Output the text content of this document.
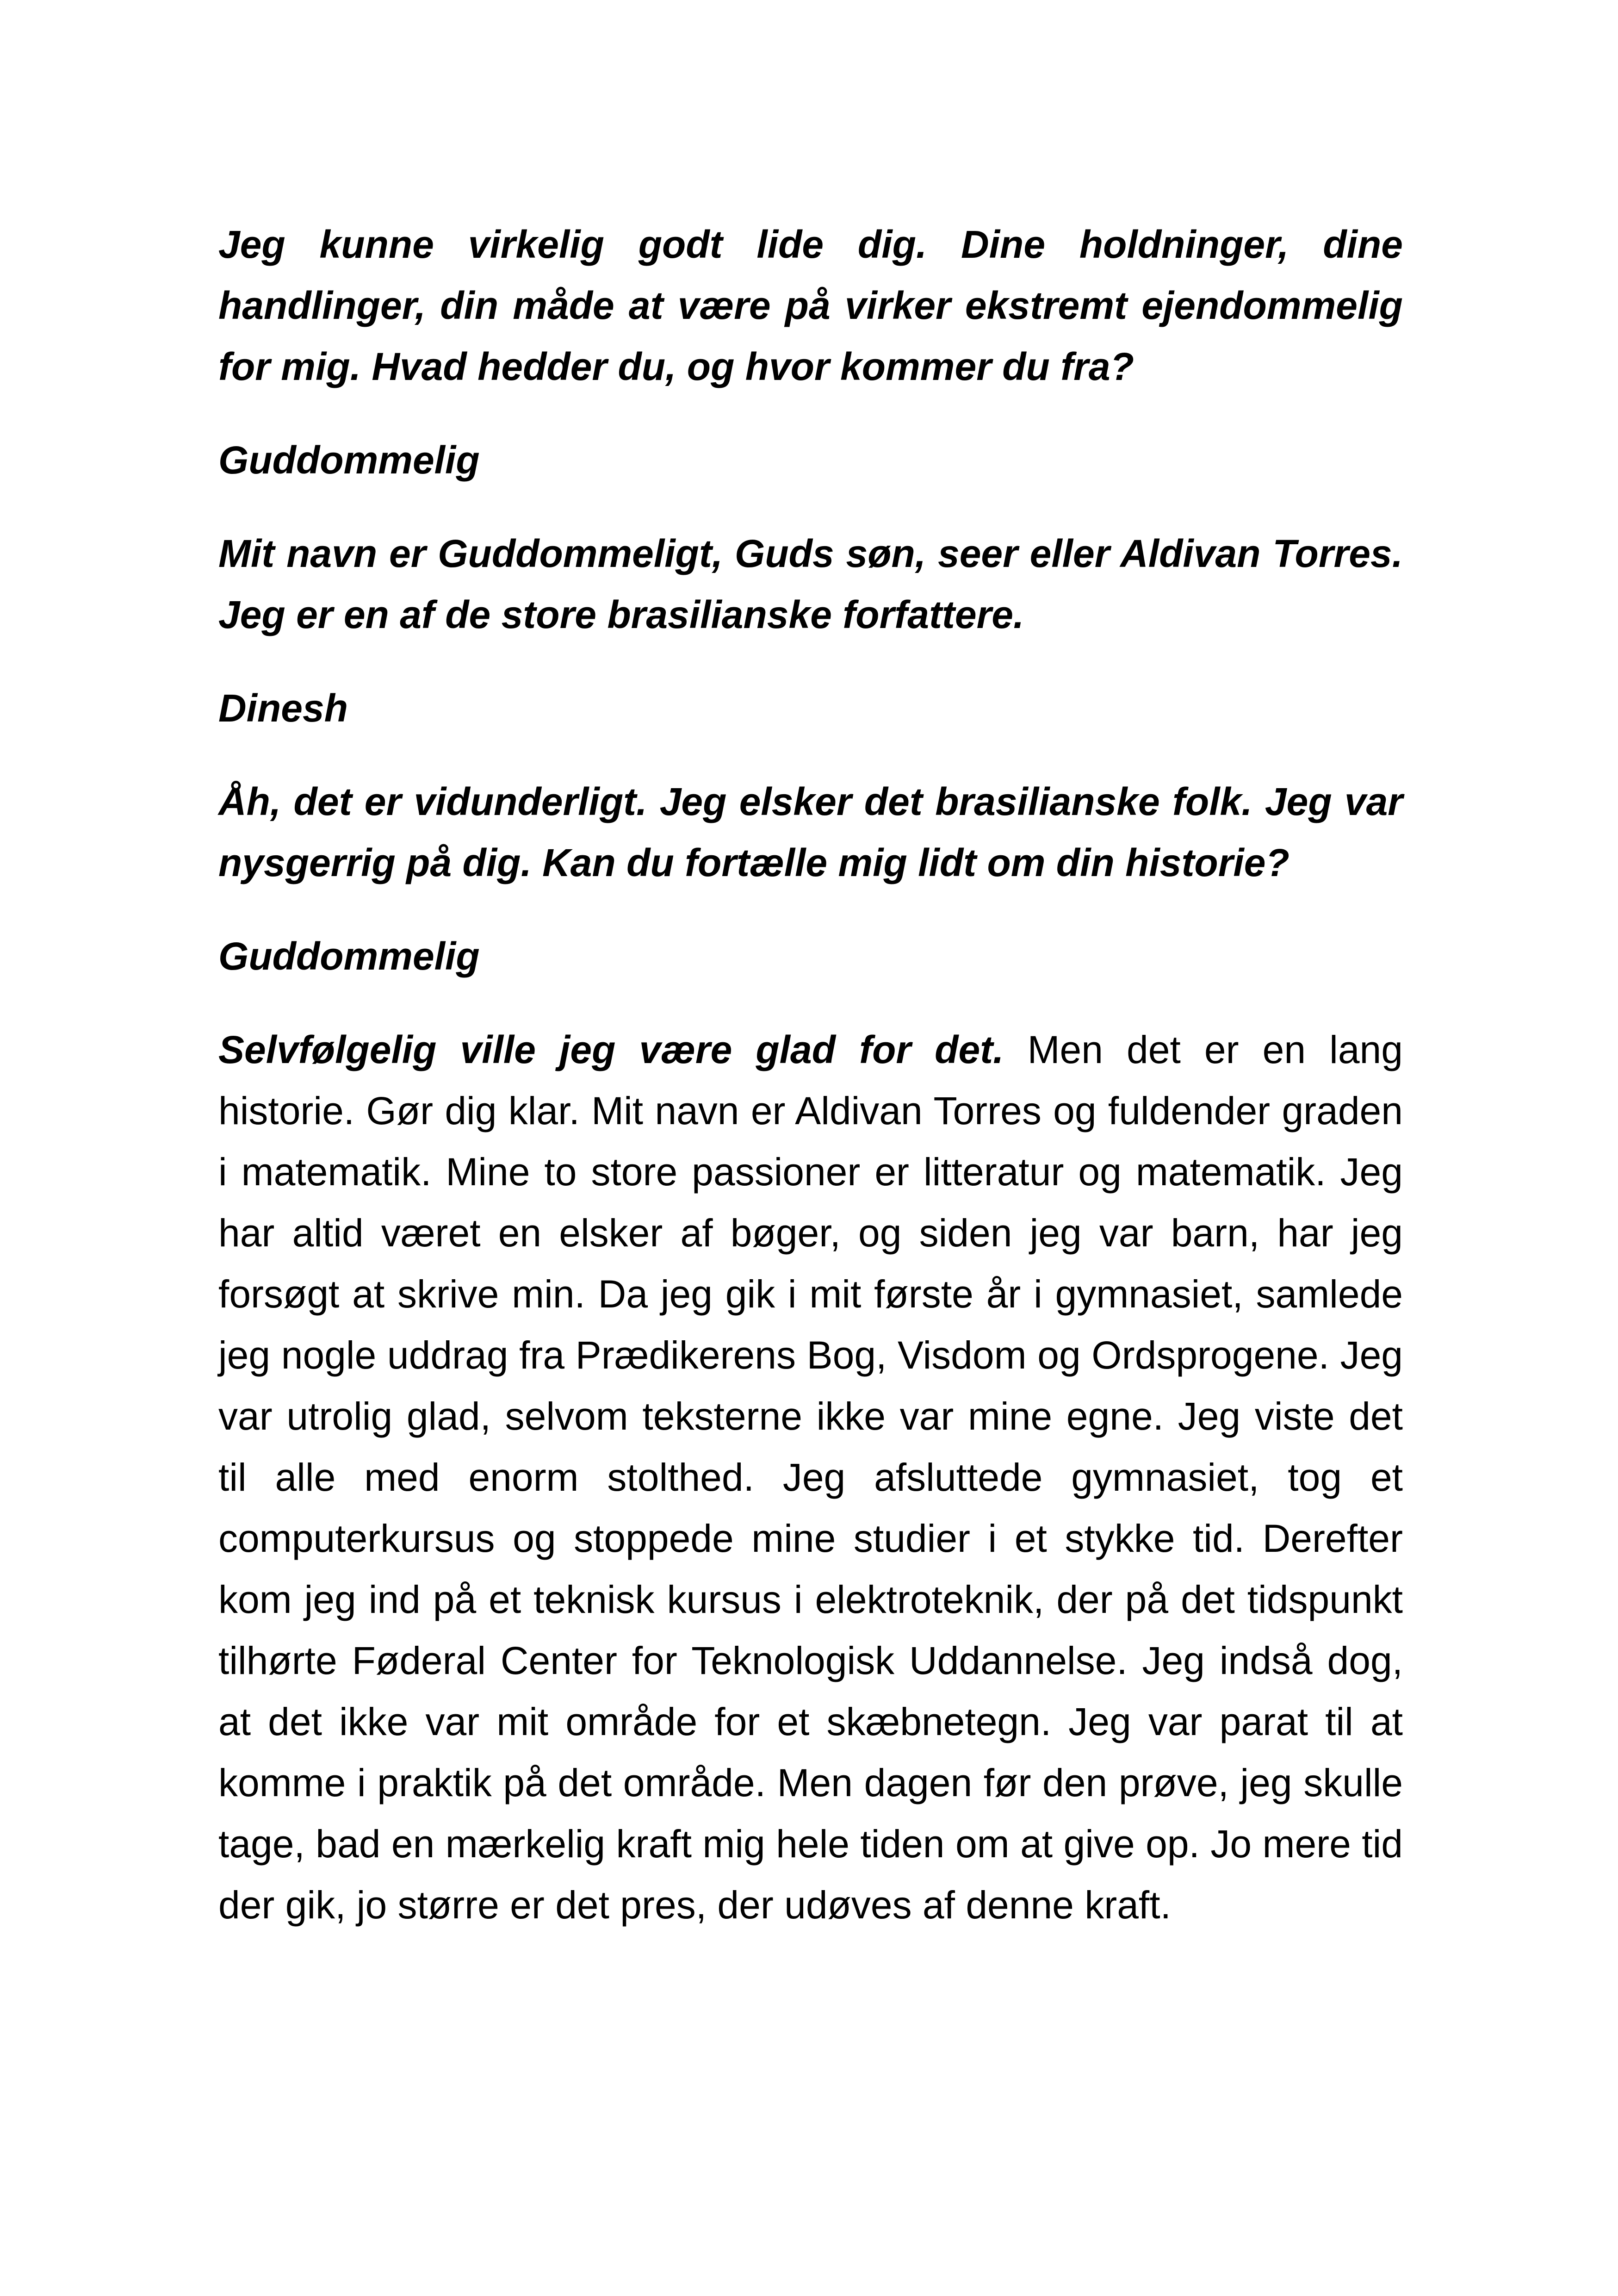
Jeg kunne virkelig godt lide dig. Dine holdninger, dine handlinger, din måde at være på virker ekstremt ejendommelig for mig. Hvad hedder du, og hvor kommer du fra?

Guddommelig

Mit navn er Guddommeligt, Guds søn, seer eller Aldivan Torres. Jeg er en af de store brasilianske forfattere.

Dinesh

Åh, det er vidunderligt. Jeg elsker det brasilianske folk. Jeg var nysgerrig på dig. Kan du fortælle mig lidt om din historie?

Guddommelig

Selvfølgelig ville jeg være glad for det. Men det er en lang historie. Gør dig klar. Mit navn er Aldivan Torres og fuldender graden i matematik. Mine to store passioner er litteratur og matematik. Jeg har altid været en elsker af bøger, og siden jeg var barn, har jeg forsøgt at skrive min. Da jeg gik i mit første år i gymnasiet, samlede jeg nogle uddrag fra Prædikerens Bog, Visdom og Ordsprogene. Jeg var utrolig glad, selvom teksterne ikke var mine egne. Jeg viste det til alle med enorm stolthed. Jeg afsluttede gymnasiet, tog et computerkursus og stoppede mine studier i et stykke tid. Derefter kom jeg ind på et teknisk kursus i elektroteknik, der på det tidspunkt tilhørte Føderal Center for Teknologisk Uddannelse. Jeg indså dog, at det ikke var mit område for et skæbnetegn. Jeg var parat til at komme i praktik på det område. Men dagen før den prøve, jeg skulle tage, bad en mærkelig kraft mig hele tiden om at give op. Jo mere tid der gik, jo større er det pres, der udøves af denne kraft.
